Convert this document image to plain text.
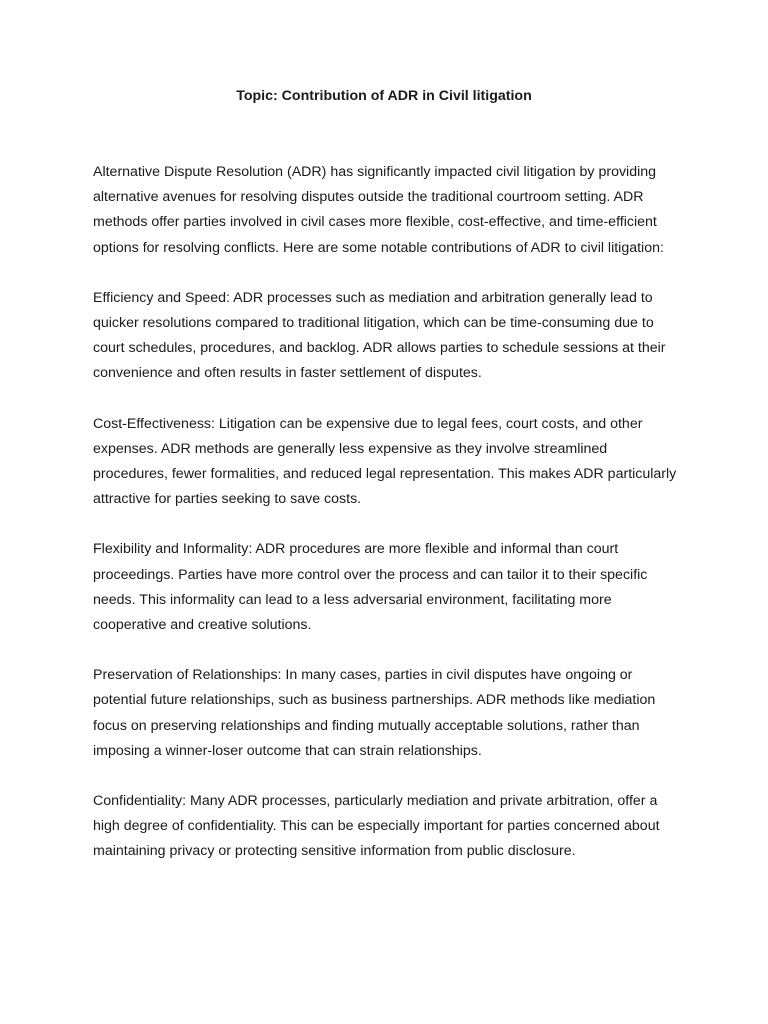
Topic: Contribution of ADR in Civil litigation

Alternative Dispute Resolution (ADR) has significantly impacted civil litigation by providing alternative avenues for resolving disputes outside the traditional courtroom setting. ADR methods offer parties involved in civil cases more flexible, cost-effective, and time-efficient options for resolving conflicts. Here are some notable contributions of ADR to civil litigation:

Efficiency and Speed: ADR processes such as mediation and arbitration generally lead to quicker resolutions compared to traditional litigation, which can be time-consuming due to court schedules, procedures, and backlog. ADR allows parties to schedule sessions at their convenience and often results in faster settlement of disputes.

Cost-Effectiveness: Litigation can be expensive due to legal fees, court costs, and other expenses. ADR methods are generally less expensive as they involve streamlined procedures, fewer formalities, and reduced legal representation. This makes ADR particularly attractive for parties seeking to save costs.

Flexibility and Informality: ADR procedures are more flexible and informal than court proceedings. Parties have more control over the process and can tailor it to their specific needs. This informality can lead to a less adversarial environment, facilitating more cooperative and creative solutions.

Preservation of Relationships: In many cases, parties in civil disputes have ongoing or potential future relationships, such as business partnerships. ADR methods like mediation focus on preserving relationships and finding mutually acceptable solutions, rather than imposing a winner-loser outcome that can strain relationships.

Confidentiality: Many ADR processes, particularly mediation and private arbitration, offer a high degree of confidentiality. This can be especially important for parties concerned about maintaining privacy or protecting sensitive information from public disclosure.
